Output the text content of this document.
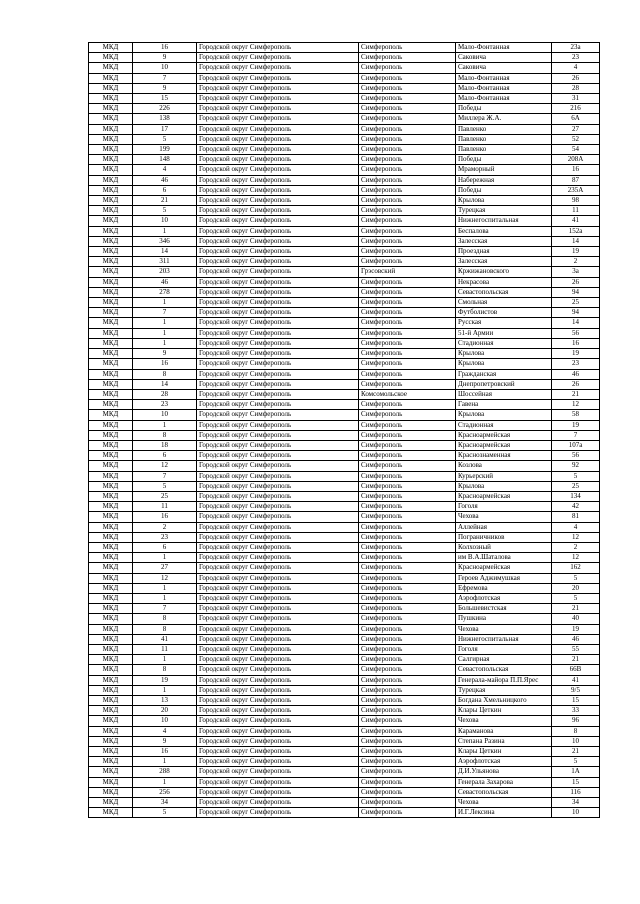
МКД	16	Городской округ Симферополь	Симферополь	Мало-Фонтанная	23а
МКД	9	Городской округ Симферополь	Симферополь	Саковича	23
МКД	10	Городской округ Симферополь	Симферополь	Саковича	4
МКД	7	Городской округ Симферополь	Симферополь	Мало-Фонтанная	26
МКД	9	Городской округ Симферополь	Симферополь	Мало-Фонтанная	28
МКД	15	Городской округ Симферополь	Симферополь	Мало-Фонтанная	31
МКД	226	Городской округ Симферополь	Симферополь	Победы	216
МКД	138	Городской округ Симферополь	Симферополь	Миллера Ж.А.	6А
МКД	17	Городской округ Симферополь	Симферополь	Павленко	27
МКД	5	Городской округ Симферополь	Симферополь	Павленко	52
МКД	199	Городской округ Симферополь	Симферополь	Павленко	54
МКД	148	Городской округ Симферополь	Симферополь	Победы	208А
МКД	4	Городской округ Симферополь	Симферополь	Мраморный	16
МКД	46	Городской округ Симферополь	Симферополь	Набережная	87
МКД	6	Городской округ Симферополь	Симферополь	Победы	235А
МКД	21	Городской округ Симферополь	Симферополь	Крылова	98
МКД	5	Городской округ Симферополь	Симферополь	Турецкая	11
МКД	10	Городской округ Симферополь	Симферополь	Нижнегоспитальная	41
МКД	1	Городской округ Симферополь	Симферополь	Беспалова	152а
МКД	346	Городской округ Симферополь	Симферополь	Залесская	14
МКД	14	Городской округ Симферополь	Симферополь	Проездная	19
МКД	311	Городской округ Симферополь	Симферополь	Залесская	2
МКД	203	Городской округ Симферополь	Грэсовский	Кржижановского	3а
МКД	46	Городской округ Симферополь	Симферополь	Некрасова	26
МКД	278	Городской округ Симферополь	Симферополь	Севастопольская	94
МКД	1	Городской округ Симферополь	Симферополь	Смольная	25
МКД	7	Городской округ Симферополь	Симферополь	Футболистов	94
МКД	1	Городской округ Симферополь	Симферополь	Русская	14
МКД	1	Городской округ Симферополь	Симферополь	51-й Армии	56
МКД	1	Городской округ Симферополь	Симферополь	Стадионная	16
МКД	9	Городской округ Симферополь	Симферополь	Крылова	19
МКД	16	Городской округ Симферополь	Симферополь	Крылова	23
МКД	8	Городской округ Симферополь	Симферополь	Гражданская	46
МКД	14	Городской округ Симферополь	Симферополь	Днепропетровский	26
МКД	28	Городской округ Симферополь	Комсомольское	Шоссейная	21
МКД	23	Городской округ Симферополь	Симферополь	Гавена	12
МКД	10	Городской округ Симферополь	Симферополь	Крылова	58
МКД	1	Городской округ Симферополь	Симферополь	Стадионная	19
МКД	8	Городской округ Симферополь	Симферополь	Красноармейская	7
МКД	18	Городской округ Симферополь	Симферополь	Красноармейская	107а
МКД	6	Городской округ Симферополь	Симферополь	Краснознаменная	56
МКД	12	Городской округ Симферополь	Симферополь	Козлова	92
МКД	7	Городской округ Симферополь	Симферополь	Курьерский	5
МКД	5	Городской округ Симферополь	Симферополь	Крылова	25
МКД	25	Городской округ Симферополь	Симферополь	Красноармейская	134
МКД	11	Городской округ Симферополь	Симферополь	Гоголя	42
МКД	16	Городской округ Симферополь	Симферополь	Чехова	81
МКД	2	Городской округ Симферополь	Симферополь	Аллейная	4
МКД	23	Городской округ Симферополь	Симферополь	Пограничников	12
МКД	6	Городской округ Симферополь	Симферополь	Колхозный	2
МКД	1	Городской округ Симферополь	Симферополь	им В.А.Шаталова	12
МКД	27	Городской округ Симферополь	Симферополь	Красноармейская	162
МКД	12	Городской округ Симферополь	Симферополь	Героев Аджимушкая	5
МКД	1	Городской округ Симферополь	Симферополь	Ефремова	20
МКД	1	Городской округ Симферополь	Симферополь	Аэрофлотская	5
МКД	7	Городской округ Симферополь	Симферополь	Большевистская	21
МКД	8	Городской округ Симферополь	Симферополь	Пушкина	40
МКД	8	Городской округ Симферополь	Симферополь	Чехова	19
МКД	41	Городской округ Симферополь	Симферополь	Нижнегоспитальная	46
МКД	11	Городской округ Симферополь	Симферополь	Гоголя	55
МКД	1	Городской округ Симферополь	Симферополь	Салгирная	21
МКД	8	Городской округ Симферополь	Симферополь	Севастопольская	66В
МКД	19	Городской округ Симферополь	Симферополь	Генерала-майора П.П.Ярес	41
МКД	1	Городской округ Симферополь	Симферополь	Турецкая	9/5
МКД	13	Городской округ Симферополь	Симферополь	Богдана Хмельницкого	15
МКД	20	Городской округ Симферополь	Симферополь	Клары Цеткин	33
МКД	10	Городской округ Симферополь	Симферополь	Чехова	96
МКД	4	Городской округ Симферополь	Симферополь	Караманова	8
МКД	9	Городской округ Симферополь	Симферополь	Степана Разина	10
МКД	16	Городской округ Симферополь	Симферополь	Клары Цеткин	21
МКД	1	Городской округ Симферополь	Симферополь	Аэрофлотская	5
МКД	288	Городской округ Симферополь	Симферополь	Д.И.Ульянова	1А
МКД	1	Городской округ Симферополь	Симферополь	Генерала Захарова	15
МКД	256	Городской округ Симферополь	Симферополь	Севастопольская	116
МКД	34	Городской округ Симферополь	Симферополь	Чехова	34
МКД	5	Городской округ Симферополь	Симферополь	И.Г.Лексина	10
